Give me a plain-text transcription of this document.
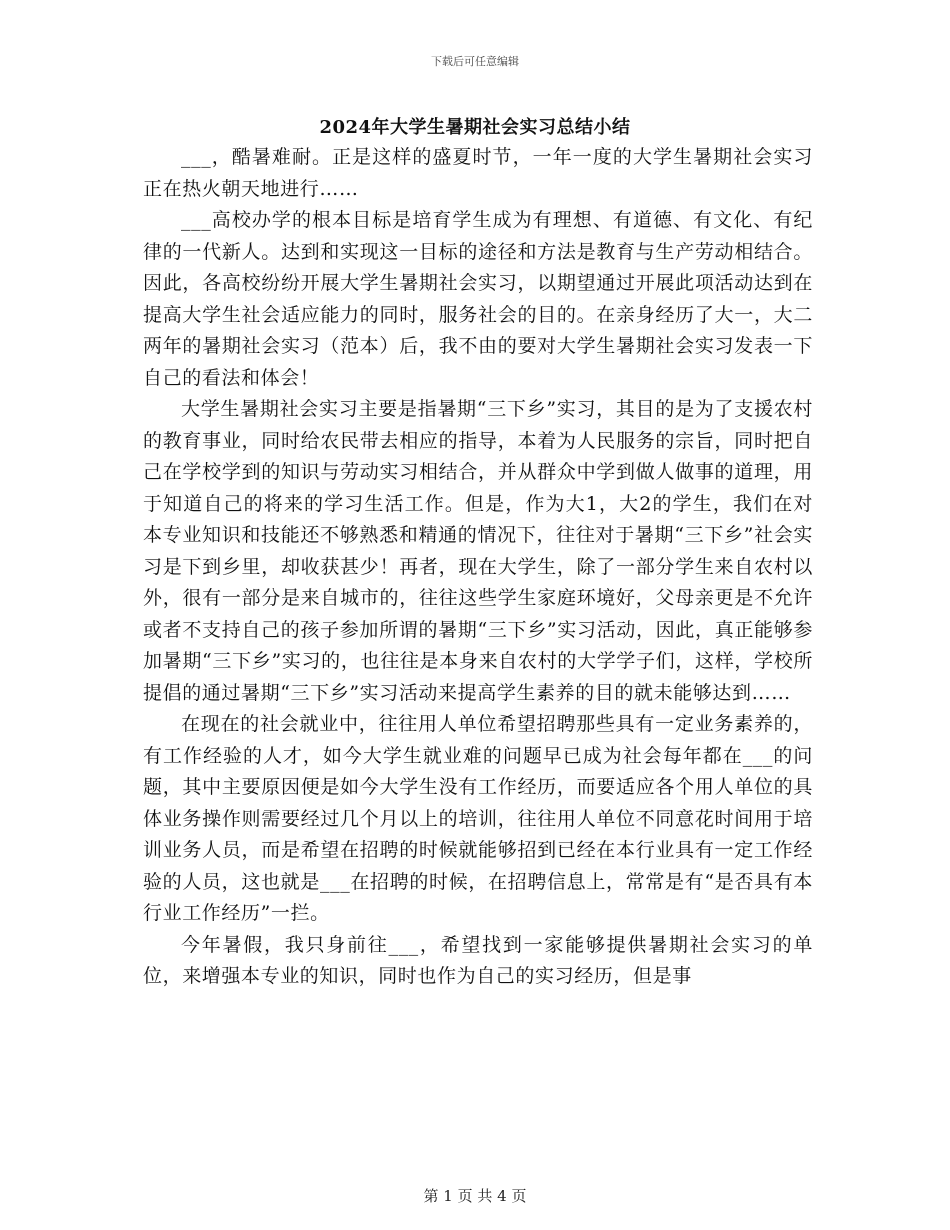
下载后可任意编辑
2024年大学生暑期社会实习总结小结

___，酷暑难耐。正是这样的盛夏时节，一年一度的大学生暑期社会实习正在热火朝天地进行……

___高校办学的根本目标是培育学生成为有理想、有道德、有文化、有纪律的一代新人。达到和实现这一目标的途径和方法是教育与生产劳动相结合。因此，各高校纷纷开展大学生暑期社会实习，以期望通过开展此项活动达到在提高大学生社会适应能力的同时，服务社会的目的。在亲身经历了大一，大二两年的暑期社会实习（范本）后，我不由的要对大学生暑期社会实习发表一下自己的看法和体会！

大学生暑期社会实习主要是指暑期“三下乡”实习，其目的是为了支援农村的教育事业，同时给农民带去相应的指导，本着为人民服务的宗旨，同时把自己在学校学到的知识与劳动实习相结合，并从群众中学到做人做事的道理，用于知道自己的将来的学习生活工作。但是，作为大1，大2的学生，我们在对本专业知识和技能还不够熟悉和精通的情况下，往往对于暑期“三下乡”社会实习是下到乡里，却收获甚少！再者，现在大学生，除了一部分学生来自农村以外，很有一部分是来自城市的，往往这些学生家庭环境好，父母亲更是不允许或者不支持自己的孩子参加所谓的暑期“三下乡”实习活动，因此，真正能够参加暑期“三下乡”实习的，也往往是本身来自农村的大学学子们，这样，学校所提倡的通过暑期“三下乡”实习活动来提高学生素养的目的就未能够达到……

在现在的社会就业中，往往用人单位希望招聘那些具有一定业务素养的，有工作经验的人才，如今大学生就业难的问题早已成为社会每年都在___的问题，其中主要原因便是如今大学生没有工作经历，而要适应各个用人单位的具体业务操作则需要经过几个月以上的培训，往往用人单位不同意花时间用于培训业务人员，而是希望在招聘的时候就能够招到已经在本行业具有一定工作经验的人员，这也就是___在招聘的时候，在招聘信息上，常常是有“是否具有本行业工作经历”一拦。

今年暑假，我只身前往___，希望找到一家能够提供暑期社会实习的单位，来增强本专业的知识，同时也作为自己的实习经历，但是事

第 1 页 共 4 页
